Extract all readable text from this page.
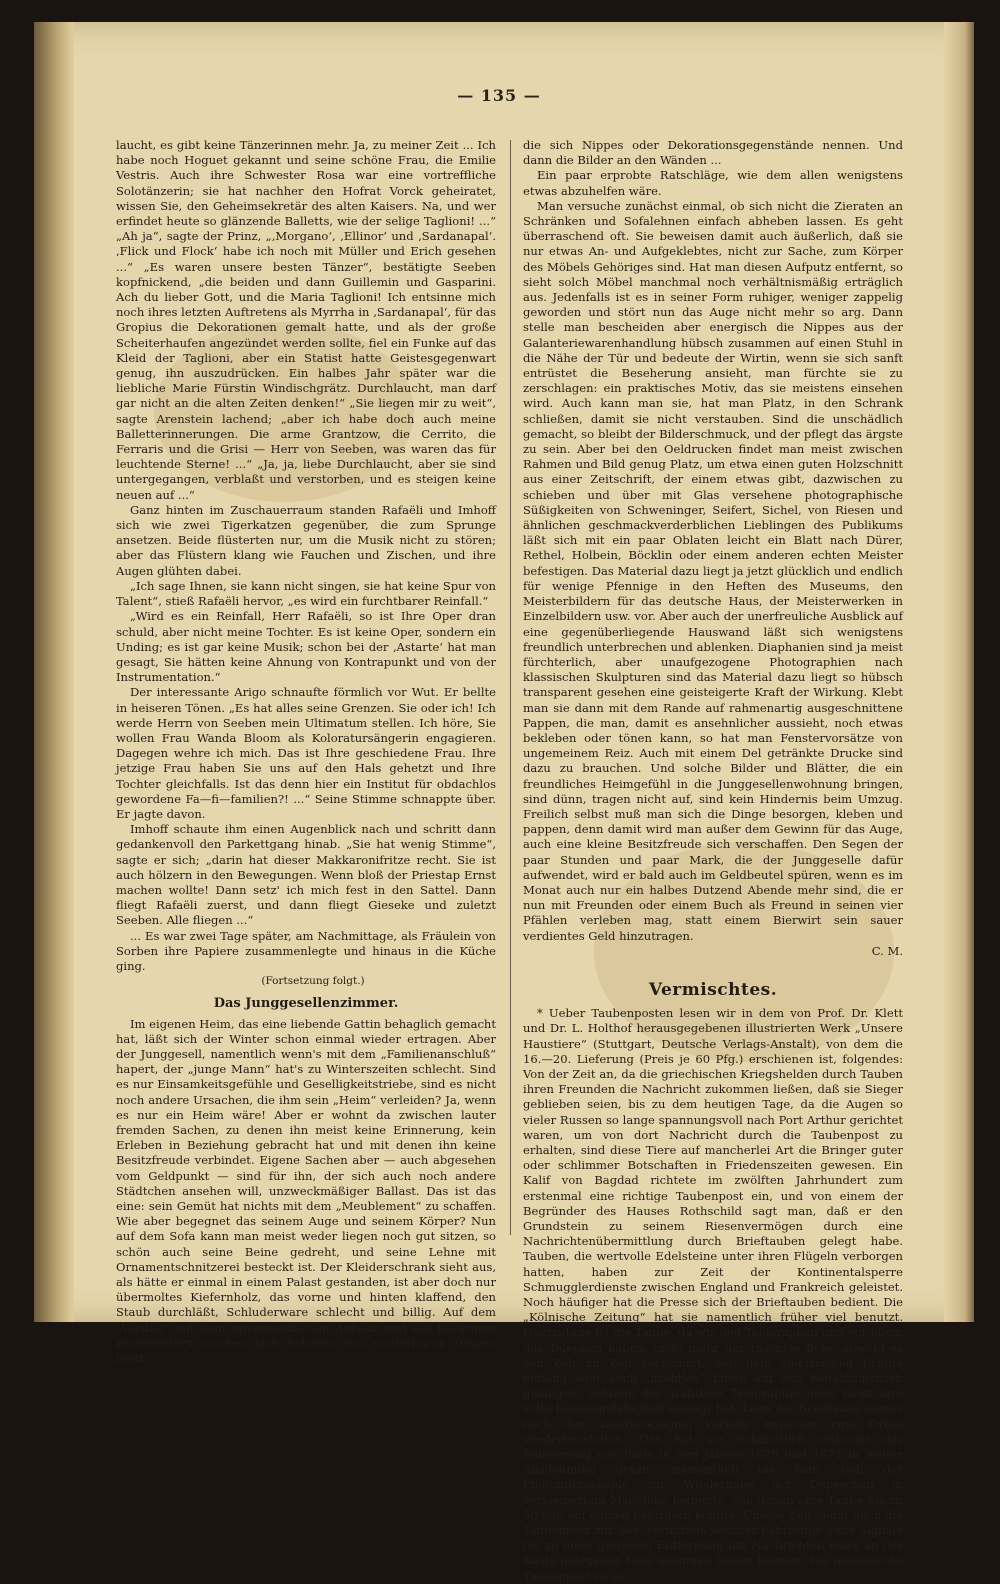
— 135 —

laucht, es gibt keine Tänzerinnen mehr. Ja, zu meiner Zeit ... Ich habe noch Hoguet gekannt und seine schöne Frau, die Emilie Vestris. Auch ihre Schwester Rosa war eine vortreffliche Solotänzerin; sie hat nachher den Hofrat Vorck geheiratet, wissen Sie, den Geheimsekretär des alten Kaisers. Na, und wer erfindet heute so glänzende Balletts, wie der selige Taglioni! ...“ „Ah ja“, sagte der Prinz, „‚Morgano‘, ‚Ellinor‘ und ‚Sardanapal‘. ‚Flick und Flock‘ habe ich noch mit Müller und Erich gesehen ...“ „Es waren unsere besten Tänzer“, bestätigte Seeben kopfnickend, „die beiden und dann Guillemin und Gasparini. Ach du lieber Gott, und die Maria Taglioni! Ich entsinne mich noch ihres letzten Auftretens als Myrrha in ‚Sardanapal‘, für das Gropius die Dekorationen gemalt hatte, und als der große Scheiterhaufen angezündet werden sollte, fiel ein Funke auf das Kleid der Taglioni, aber ein Statist hatte Geistesgegenwart genug, ihn auszudrücken. Ein halbes Jahr später war die liebliche Marie Fürstin Windischgrätz. Durchlaucht, man darf gar nicht an die alten Zeiten denken!“ „Sie liegen mir zu weit“, sagte Arenstein lachend; „aber ich habe doch auch meine Balletterinnerungen. Die arme Grantzow, die Cerrito, die Ferraris und die Grisi — Herr von Seeben, was waren das für leuchtende Sterne! ...“ „Ja, ja, liebe Durchlaucht, aber sie sind untergegangen, verblaßt und verstorben, und es steigen keine neuen auf ...“

Ganz hinten im Zuschauerraum standen Rafaëli und Imhoff sich wie zwei Tigerkatzen gegenüber, die zum Sprunge ansetzen. Beide flüsterten nur, um die Musik nicht zu stören; aber das Flüstern klang wie Fauchen und Zischen, und ihre Augen glühten dabei.

„Ich sage Ihnen, sie kann nicht singen, sie hat keine Spur von Talent“, stieß Rafaëli hervor, „es wird ein furchtbarer Reinfall.“

„Wird es ein Reinfall, Herr Rafaëli, so ist Ihre Oper dran schuld, aber nicht meine Tochter. Es ist keine Oper, sondern ein Unding; es ist gar keine Musik; schon bei der ‚Astarte‘ hat man gesagt, Sie hätten keine Ahnung von Kontrapunkt und von der Instrumentation.“

Der interessante Arigo schnaufte förmlich vor Wut. Er bellte in heiseren Tönen. „Es hat alles seine Grenzen. Sie oder ich! Ich werde Herrn von Seeben mein Ultimatum stellen. Ich höre, Sie wollen Frau Wanda Bloom als Koloratursängerin engagieren. Dagegen wehre ich mich. Das ist Ihre geschiedene Frau. Ihre jetzige Frau haben Sie uns auf den Hals gehetzt und Ihre Tochter gleichfalls. Ist das denn hier ein Institut für obdachlos gewordene Fa—fi—familien?! ...“ Seine Stimme schnappte über. Er jagte davon.

Imhoff schaute ihm einen Augenblick nach und schritt dann gedankenvoll den Parkettgang hinab. „Sie hat wenig Stimme“, sagte er sich; „darin hat dieser Makkaronifritze recht. Sie ist auch hölzern in den Bewegungen. Wenn bloß der Priestap Ernst machen wollte! Dann setz' ich mich fest in den Sattel. Dann fliegt Rafaëli zuerst, und dann fliegt Gieseke und zuletzt Seeben. Alle fliegen ...“

... Es war zwei Tage später, am Nachmittage, als Fräulein von Sorben ihre Papiere zusammenlegte und hinaus in die Küche ging.

(Fortsetzung folgt.)

Das Junggesellenzimmer.

Im eigenen Heim, das eine liebende Gattin behaglich gemacht hat, läßt sich der Winter schon einmal wieder ertragen. Aber der Junggesell, namentlich wenn's mit dem „Familienanschluß“ hapert, der „junge Mann“ hat's zu Winterszeiten schlecht. Sind es nur Einsamkeitsgefühle und Geselligkeitstriebe, sind es nicht noch andere Ursachen, die ihm sein „Heim“ verleiden? Ja, wenn es nur ein Heim wäre! Aber er wohnt da zwischen lauter fremden Sachen, zu denen ihn meist keine Erinnerung, kein Erleben in Beziehung gebracht hat und mit denen ihn keine Besitzfreude verbindet. Eigene Sachen aber — auch abgesehen vom Geldpunkt — sind für ihn, der sich auch noch andere Städtchen ansehen will, unzweckmäßiger Ballast. Das ist das eine: sein Gemüt hat nichts mit dem „Meublement“ zu schaffen. Wie aber begegnet das seinem Auge und seinem Körper? Nun auf dem Sofa kann man meist weder liegen noch gut sitzen, so schön auch seine Beine gedreht, und seine Lehne mit Ornamentschnitzerei besteckt ist. Der Kleiderschrank sieht aus, als hätte er einmal in einem Palast gestanden, ist aber doch nur übermoltes Kiefernholz, das vorne und hinten klaffend, den Staub durchläßt, Schluderware schlecht und billig. Auf dem „Vertiko“ mit dem unvermeidlichen Aufsatz und auf höckrigen Bordbrettern machen sich Scharen von sonderbaren Dingen breit,

die sich Nippes oder Dekorationsgegenstände nennen. Und dann die Bilder an den Wänden ...

Ein paar erprobte Ratschläge, wie dem allen wenigstens etwas abzuhelfen wäre.

Man versuche zunächst einmal, ob sich nicht die Zieraten an Schränken und Sofalehnen einfach abheben lassen. Es geht überraschend oft. Sie beweisen damit auch äußerlich, daß sie nur etwas An- und Aufgeklebtes, nicht zur Sache, zum Körper des Möbels Gehöriges sind. Hat man diesen Aufputz entfernt, so sieht solch Möbel manchmal noch verhältnismäßig erträglich aus. Jedenfalls ist es in seiner Form ruhiger, weniger zappelig geworden und stört nun das Auge nicht mehr so arg. Dann stelle man bescheiden aber energisch die Nippes aus der Galanteriewarenhandlung hübsch zusammen auf einen Stuhl in die Nähe der Tür und bedeute der Wirtin, wenn sie sich sanft entrüstet die Beseherung ansieht, man fürchte sie zu zerschlagen: ein praktisches Motiv, das sie meistens einsehen wird. Auch kann man sie, hat man Platz, in den Schrank schließen, damit sie nicht verstauben. Sind die unschädlich gemacht, so bleibt der Bilderschmuck, und der pflegt das ärgste zu sein. Aber bei den Oeldrucken findet man meist zwischen Rahmen und Bild genug Platz, um etwa einen guten Holzschnitt aus einer Zeitschrift, der einem etwas gibt, dazwischen zu schieben und über mit Glas versehene photographische Süßigkeiten von Schweninger, Seifert, Sichel, von Riesen und ähnlichen geschmackverderblichen Lieblingen des Publikums läßt sich mit ein paar Oblaten leicht ein Blatt nach Dürer, Rethel, Holbein, Böcklin oder einem anderen echten Meister befestigen. Das Material dazu liegt ja jetzt glücklich und endlich für wenige Pfennige in den Heften des Museums, den Meisterbildern für das deutsche Haus, der Meisterwerken in Einzelbildern usw. vor. Aber auch der unerfreuliche Ausblick auf eine gegenüberliegende Hauswand läßt sich wenigstens freundlich unterbrechen und ablenken. Diaphanien sind ja meist fürchterlich, aber unaufgezogene Photographien nach klassischen Skulpturen sind das Material dazu liegt so hübsch transparent gesehen eine geisteigerte Kraft der Wirkung. Klebt man sie dann mit dem Rande auf rahmenartig ausgeschnittene Pappen, die man, damit es ansehnlicher aussieht, noch etwas bekleben oder tönen kann, so hat man Fenstervorsätze von ungemeinem Reiz. Auch mit einem Del getränkte Drucke sind dazu zu brauchen. Und solche Bilder und Blätter, die ein freundliches Heimgefühl in die Junggesellenwohnung bringen, sind dünn, tragen nicht auf, sind kein Hindernis beim Umzug. Freilich selbst muß man sich die Dinge besorgen, kleben und pappen, denn damit wird man außer dem Gewinn für das Auge, auch eine kleine Besitzfreude sich verschaffen. Den Segen der paar Stunden und paar Mark, die der Junggeselle dafür aufwendet, wird er bald auch im Geldbeutel spüren, wenn es im Monat auch nur ein halbes Dutzend Abende mehr sind, die er nun mit Freunden oder einem Buch als Freund in seinen vier Pfählen verleben mag, statt einem Bierwirt sein sauer verdientes Geld hinzutragen.

C. M.

Vermischtes.

* Ueber Taubenposten lesen wir in dem von Prof. Dr. Klett und Dr. L. Holthof herausgegebenen illustrierten Werk „Unsere Haustiere“ (Stuttgart, Deutsche Verlags-Anstalt), von dem die 16.—20. Lieferung (Preis je 60 Pfg.) erschienen ist, folgendes: Von der Zeit an, da die griechischen Kriegshelden durch Tauben ihren Freunden die Nachricht zukommen ließen, daß sie Sieger geblieben seien, bis zu dem heutigen Tage, da die Augen so vieler Russen so lange spannungsvoll nach Port Arthur gerichtet waren, um von dort Nachricht durch die Taubenpost zu erhalten, sind diese Tiere auf mancherlei Art die Bringer guter oder schlimmer Botschaften in Friedenszeiten gewesen. Ein Kalif von Bagdad richtete im zwölften Jahrhundert zum erstenmal eine richtige Taubenpost ein, und von einem der Begründer des Hauses Rothschild sagt man, daß er den Grundstein zu seinem Riesenvermögen durch eine Nachrichtenübermittlung durch Brieftauben gelegt habe. Tauben, die wertvolle Edelsteine unter ihren Flügeln verborgen hatten, haben zur Zeit der Kontinentalsperre Schmugglerdienste zwischen England und Frankreich geleistet. Noch häufiger hat die Presse sich der Brieftauben bedient. Die „Kölnische Zeitung“ hat sie namentlich früher viel benutzt. Heutzutage ist die Taube, da wir den Telegraphen und vor allem das Telephon haben, nicht mehr der raschste Bote, obwohl es von Zeit zu Zeit vorkommt, daß dem elektrischen Drahte entlang oder auch „drahtlos“ Enten auf den Redaktionstisch gelangen. Solange die drahtlose Telegraphie noch nicht ihre volle Leistungsfähigkeit erlangt hat, kann die Brieftaube immer noch den unterbrochenen Verkehr zwischen zwei Orten wiederherstellen. Das hat sie bekanntlich während der Belagerung von Paris in den Jahren 1870 und 1871 in weiter Ausdehnung getan, namentlich als man sich der Photomikroskopie zur Wiedergabe der Depeschen in verkleinertem Maßstabe bediente, von denen eine Taube bis zu 50 000 auf einmal befördern konnte. Unsere Zeit kennt auch die Taubenpost zur See, vermittels welcher Fahrzeuge ohne Signale bis zu einer gewissen Entfernung hin Nachrichten einer an der Küste gelegenen Orte gelangen lassen können. Die militärische Taubenpost ist in
